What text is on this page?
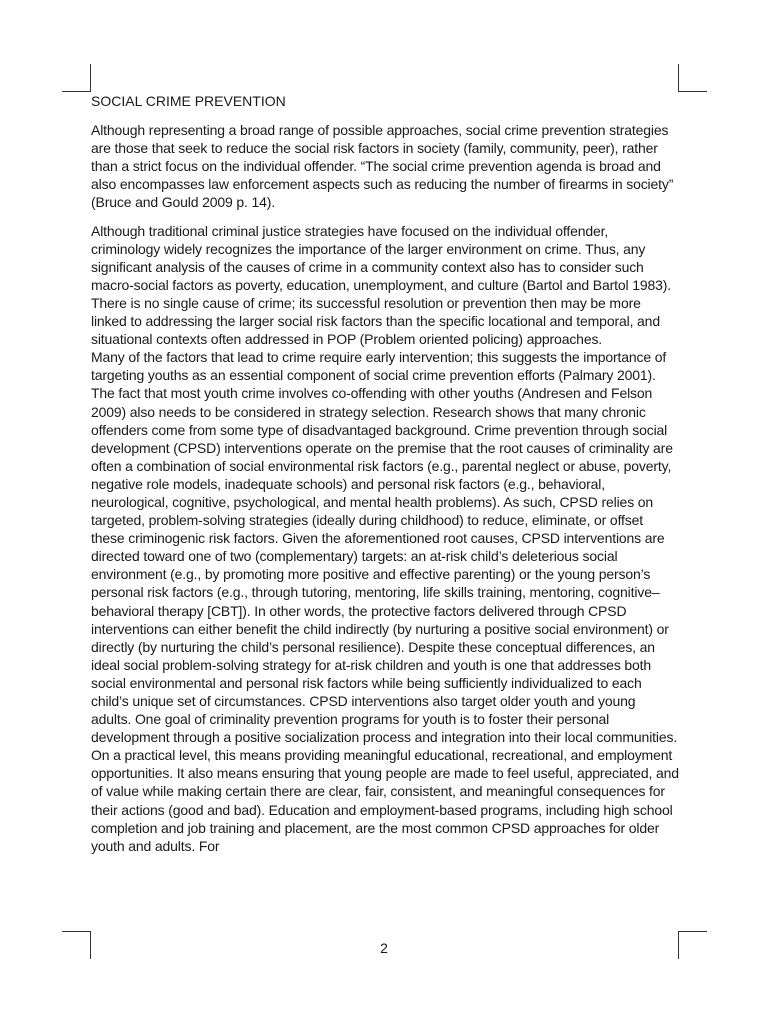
SOCIAL CRIME PREVENTION

Although representing a broad range of possible approaches, social crime prevention strategies are those that seek to reduce the social risk factors in society (family, community, peer), rather than a strict focus on the individual offender. “The social crime prevention agenda is broad and also encompasses law enforcement aspects such as reducing the number of firearms in society” (Bruce and Gould 2009 p. 14).

Although traditional criminal justice strategies have focused on the individual offender, criminology widely recognizes the importance of the larger environment on crime. Thus, any significant analysis of the causes of crime in a community context also has to consider such macro-social factors as poverty, education, unemployment, and culture (Bartol and Bartol 1983). There is no single cause of crime; its successful resolution or prevention then may be more linked to addressing the larger social risk factors than the specific locational and temporal, and situational contexts often addressed in POP (Problem oriented policing) approaches.

Many of the factors that lead to crime require early intervention; this suggests the importance of targeting youths as an essential component of social crime prevention efforts (Palmary 2001). The fact that most youth crime involves co-offending with other youths (Andresen and Felson 2009) also needs to be considered in strategy selection. Research shows that many chronic offenders come from some type of disadvantaged background. Crime prevention through social development (CPSD) interventions operate on the premise that the root causes of criminality are often a combination of social environmental risk factors (e.g., parental neglect or abuse, poverty, negative role models, inadequate schools) and personal risk factors (e.g., behavioral, neurological, cognitive, psychological, and mental health problems). As such, CPSD relies on targeted, problem-solving strategies (ideally during childhood) to reduce, eliminate, or offset these criminogenic risk factors. Given the aforementioned root causes, CPSD interventions are directed toward one of two (complementary) targets: an at-risk child’s deleterious social environment (e.g., by promoting more positive and effective parenting) or the young person’s personal risk factors (e.g., through tutoring, mentoring, life skills training, mentoring, cognitive–behavioral therapy [CBT]). In other words, the protective factors delivered through CPSD interventions can either benefit the child indirectly (by nurturing a positive social environment) or directly (by nurturing the child’s personal resilience). Despite these conceptual differences, an ideal social problem-solving strategy for at-risk children and youth is one that addresses both social environmental and personal risk factors while being sufficiently individualized to each child’s unique set of circumstances. CPSD interventions also target older youth and young adults. One goal of criminality prevention programs for youth is to foster their personal development through a positive socialization process and integration into their local communities. On a practical level, this means providing meaningful educational, recreational, and employment opportunities. It also means ensuring that young people are made to feel useful, appreciated, and of value while making certain there are clear, fair, consistent, and meaningful consequences for their actions (good and bad). Education and employment-based programs, including high school completion and job training and placement, are the most common CPSD approaches for older youth and adults. For

2
